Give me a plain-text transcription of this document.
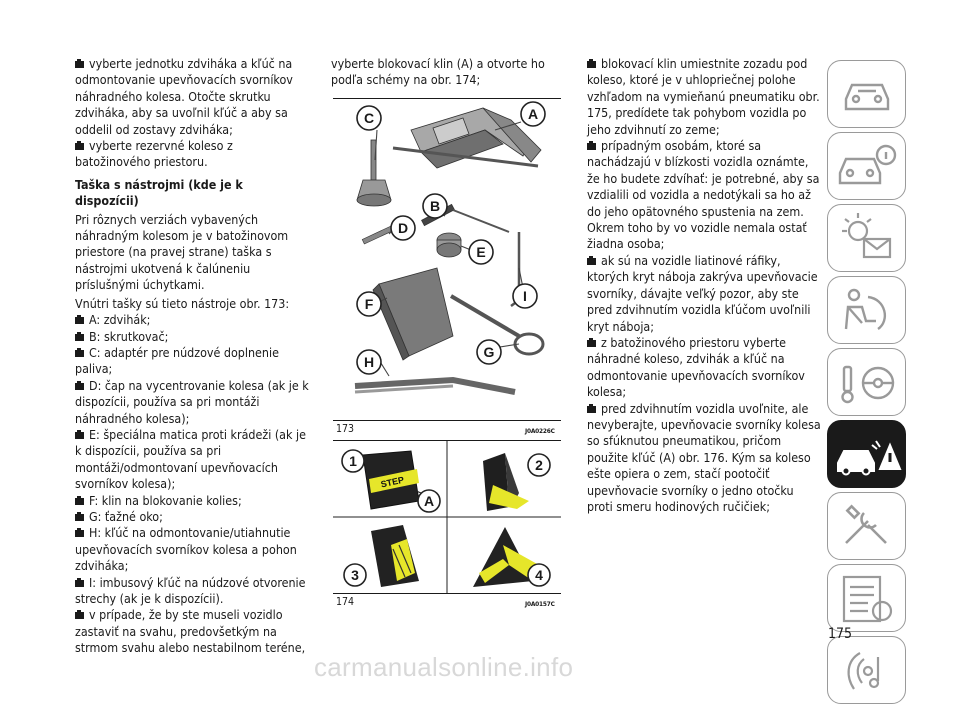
vyberte jednotku zdviháka a kľúč na odmontovanie upevňovacích svorníkov náhradného kolesa. Otočte skrutku zdviháka, aby sa uvoľnil kľúč a aby sa oddelil od zostavy zdviháka;

vyberte rezervné koleso z batožinového priestoru.

Taška s nástrojmi (kde je k dispozícii)

Pri rôznych verziách vybavených náhradným kolesom je v batožinovom priestore (na pravej strane) taška s nástrojmi ukotvená k čalúneniu príslušnými úchytkami.

Vnútri tašky sú tieto nástroje obr. 173:

A: zdvihák;

B: skrutkovač;

C: adaptér pre núdzové doplnenie paliva;

D: čap na vycentrovanie kolesa (ak je k dispozícii, používa sa pri montáži náhradného kolesa);

E: špeciálna matica proti krádeži (ak je k dispozícii, používa sa pri montáži/odmontovaní upevňovacích svorníkov kolesa);

F: klin na blokovanie kolies;

G: ťažné oko;

H: kľúč na odmontovanie/utiahnutie upevňovacích svorníkov kolesa a pohon zdviháka;

I: imbusový kľúč na núdzové otvorenie strechy (ak je k dispozícii).

v prípade, že by ste museli vozidlo zastaviť na svahu, predovšetkým na strmom svahu alebo nestabilnom teréne,

vyberte blokovací klin (A) a otvorte ho podľa schémy na obr. 174;

C	A
B
D
E
I
F
G
H
173	J0A0226C
STEP
1	2
3	4
A
174	J0A0157C

blokovací klin umiestnite zozadu pod koleso, ktoré je v uhlopriečnej polohe vzhľadom na vymieňanú pneumatiku obr. 175, predídete tak pohybom vozidla po jeho zdvihnutí zo zeme;

prípadným osobám, ktoré sa nachádzajú v blízkosti vozidla oznámte, že ho budete zdvíhať: je potrebné, aby sa vzdialili od vozidla a nedotýkali sa ho až do jeho opätovného spustenia na zem. Okrem toho by vo vozidle nemala ostať žiadna osoba;

ak sú na vozidle liatinové ráfiky, ktorých kryt nábojа zakrýva upevňovacie svorníky, dávajte veľký pozor, aby ste pred zdvihnutím vozidla kľúčom uvoľnili kryt náboja;

z batožinového priestoru vyberte náhradné koleso, zdvihák a kľúč na odmontovanie upevňovacích svorníkov kolesa;

pred zdvihnutím vozidla uvoľnite, ale nevyberajte, upevňovacie svorníky kolesa so sfúknutou pneumatikou, pričom použite kľúč (A) obr. 176. Kým sa koleso ešte opiera o zem, stačí pootočiť upevňovacie svorníky o jedno otočku proti smeru hodinových ručičiek;

175
carmanualsonline.info
